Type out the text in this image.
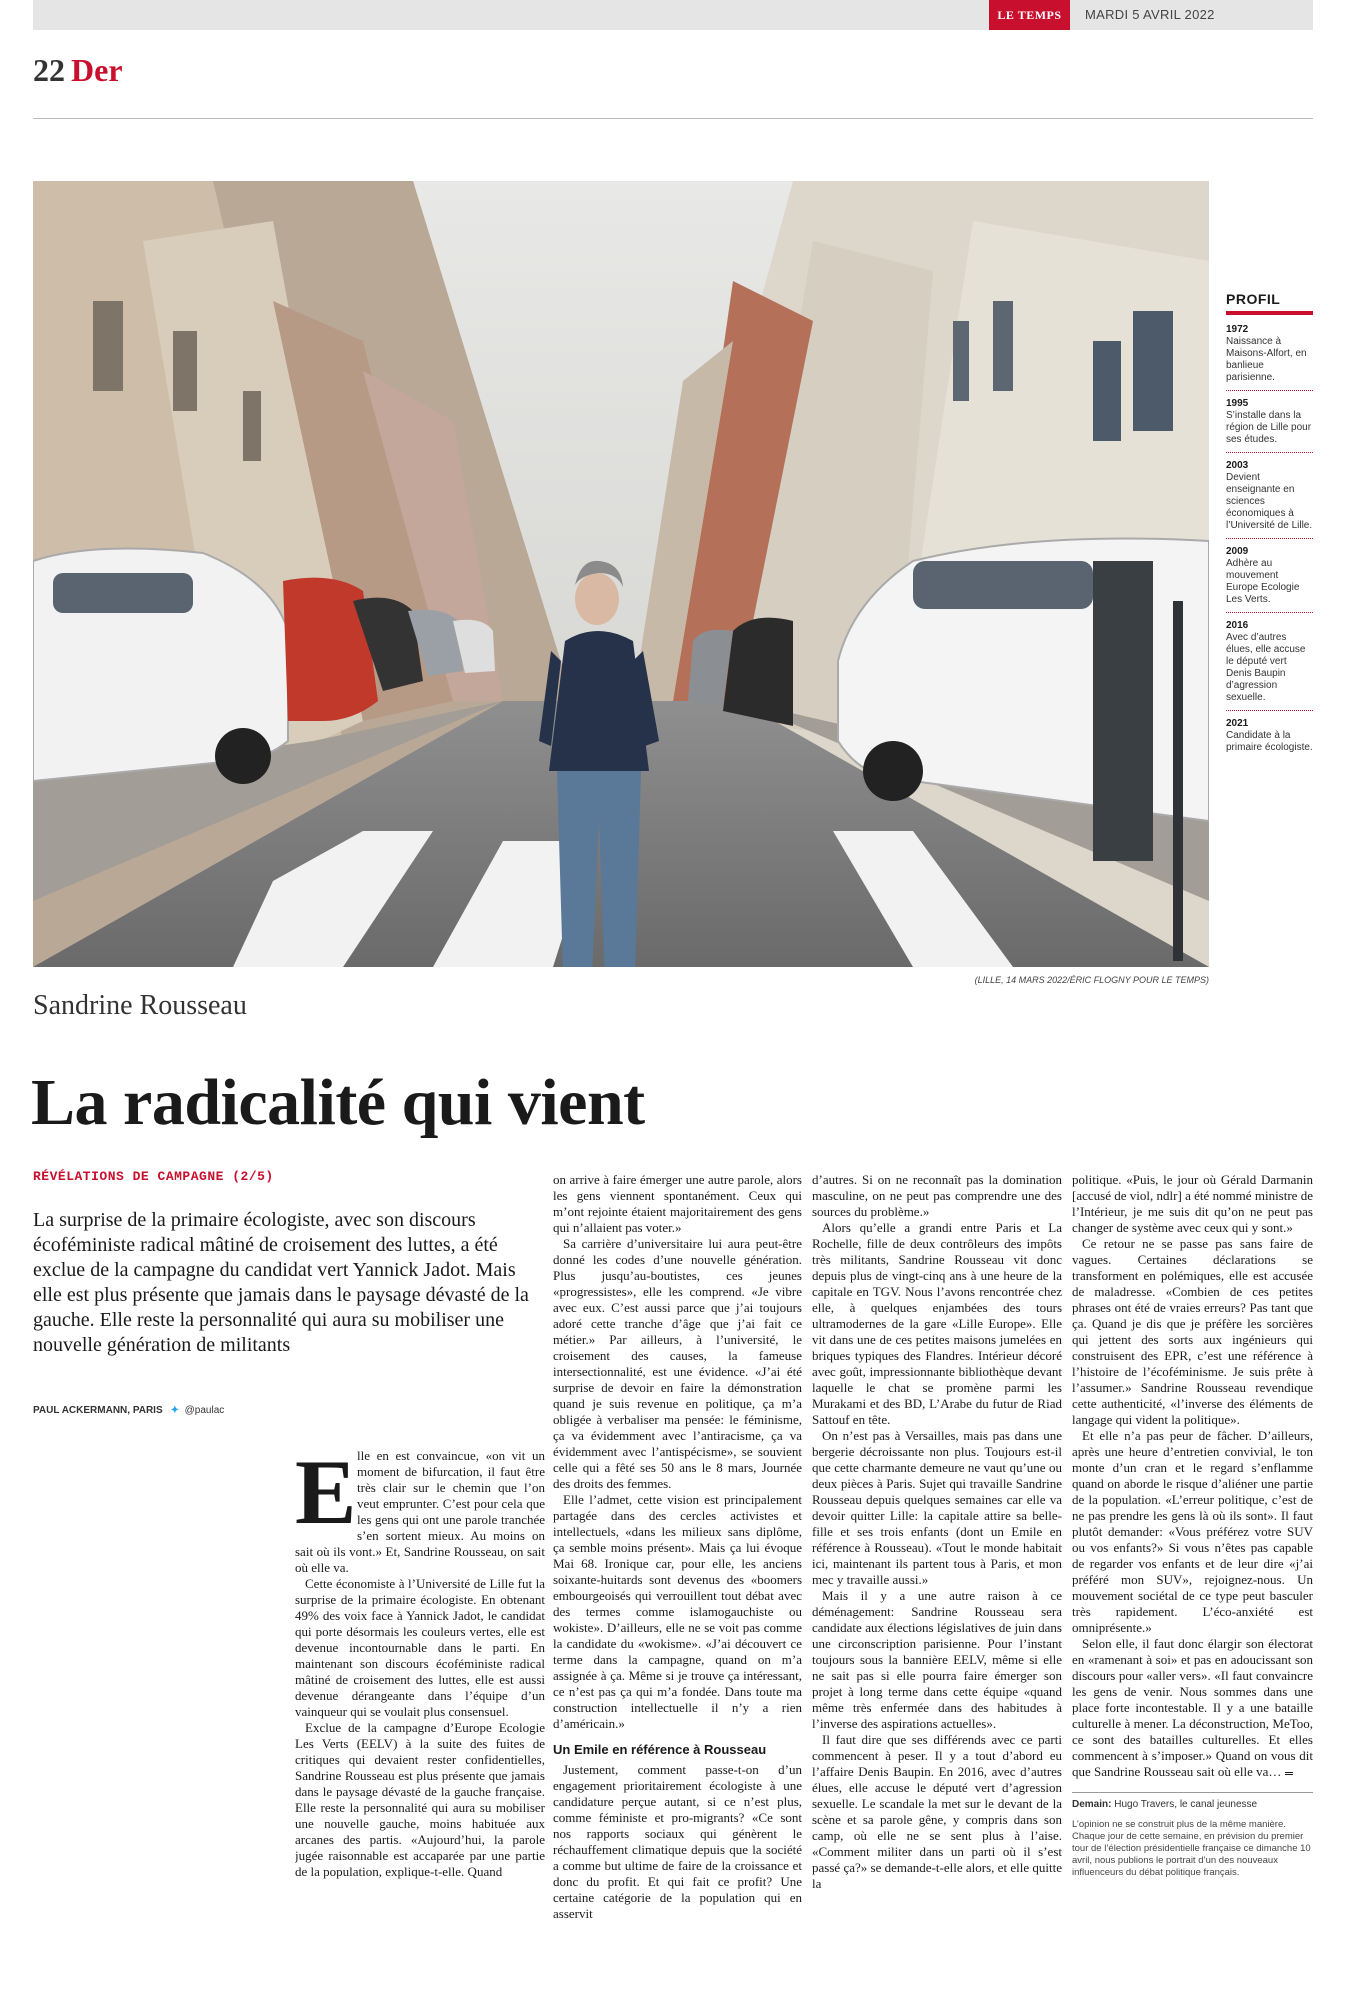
LE TEMPS	MARDI 5 AVRIL 2022
22 Der
(LILLE, 14 MARS 2022/ÉRIC FLOGNY POUR LE TEMPS)
PROFIL
1972
Naissance à Maisons-Alfort, en banlieue parisienne.
1995
S’installe dans la région de Lille pour ses études.
2003
Devient enseignante en sciences économiques à l’Université de Lille.
2009
Adhère au mouvement Europe Ecologie Les Verts.
2016
Avec d’autres élues, elle accuse le député vert Denis Baupin d’agression sexuelle.
2021
Candidate à la primaire écologiste.
Sandrine Rousseau
La radicalité qui vient
RÉVÉLATIONS DE CAMPAGNE (2/5)
La surprise de la primaire écologiste, avec son discours écoféministe radical mâtiné de croisement des luttes, a été exclue de la campagne du candidat vert Yannick Jadot. Mais elle est plus présente que jamais dans le paysage dévasté de la gauche. Elle reste la personnalité qui aura su mobiliser une nouvelle génération de militants
PAUL ACKERMANN, PARIS ✦ @paulac
E lle en est convaincue, «on vit un moment de bifurcation, il faut être très clair sur le chemin que l’on veut emprunter. C’est pour cela que les gens qui ont une parole tranchée s’en sortent mieux. Au moins on sait où ils vont.» Et, Sandrine Rousseau, on sait où elle va.

Cette économiste à l’Université de Lille fut la surprise de la primaire écologiste. En obtenant 49% des voix face à Yannick Jadot, le candidat qui porte désormais les couleurs vertes, elle est devenue incontournable dans le parti. En maintenant son discours écoféministe radical mâtiné de croisement des luttes, elle est aussi devenue dérangeante dans l’équipe d’un vainqueur qui se voulait plus consensuel.

Exclue de la campagne d’Europe Ecologie Les Verts (EELV) à la suite des fuites de critiques qui devaient rester confidentielles, Sandrine Rousseau est plus présente que jamais dans le paysage dévasté de la gauche française. Elle reste la personnalité qui aura su mobiliser une nouvelle gauche, moins habituée aux arcanes des partis. «Aujourd’hui, la parole jugée raisonnable est accaparée par une partie de la population, explique-t-elle. Quand

on arrive à faire émerger une autre parole, alors les gens viennent spontanément. Ceux qui m’ont rejointe étaient majoritairement des gens qui n’allaient pas voter.»

Sa carrière d’universitaire lui aura peut-être donné les codes d’une nouvelle génération. Plus jusqu’au-boutistes, ces jeunes «progressistes», elle les comprend. «Je vibre avec eux. C’est aussi parce que j’ai toujours adoré cette tranche d’âge que j’ai fait ce métier.» Par ailleurs, à l’université, le croisement des causes, la fameuse intersectionnalité, est une évidence. «J’ai été surprise de devoir en faire la démonstration quand je suis revenue en politique, ça m’a obligée à verbaliser ma pensée: le féminisme, ça va évidemment avec l’antiracisme, ça va évidemment avec l’antispécisme», se souvient celle qui a fêté ses 50 ans le 8 mars, Journée des droits des femmes.

Elle l’admet, cette vision est principalement partagée dans des cercles activistes et intellectuels, «dans les milieux sans diplôme, ça semble moins présent». Mais ça lui évoque Mai 68. Ironique car, pour elle, les anciens soixante-huitards sont devenus des «boomers embourgeoisés qui verrouillent tout débat avec des termes comme islamogauchiste ou wokiste». D’ailleurs, elle ne se voit pas comme la candidate du «wokisme». «J’ai découvert ce terme dans la campagne, quand on m’a assignée à ça. Même si je trouve ça intéressant, ce n’est pas ça qui m’a fondée. Dans toute ma construction intellectuelle il n’y a rien d’américain.»

Un Emile en référence à Rousseau

Justement, comment passe-t-on d’un engagement prioritairement écologiste à une candidature perçue autant, si ce n’est plus, comme féministe et pro-migrants? «Ce sont nos rapports sociaux qui génèrent le réchauffement climatique depuis que la société a comme but ultime de faire de la croissance et donc du profit. Et qui fait ce profit? Une certaine catégorie de la population qui en asservit

d’autres. Si on ne reconnaît pas la domination masculine, on ne peut pas comprendre une des sources du problème.»

Alors qu’elle a grandi entre Paris et La Rochelle, fille de deux contrôleurs des impôts très militants, Sandrine Rousseau vit donc depuis plus de vingt-cinq ans à une heure de la capitale en TGV. Nous l’avons rencontrée chez elle, à quelques enjambées des tours ultramodernes de la gare «Lille Europe». Elle vit dans une de ces petites maisons jumelées en briques typiques des Flandres. Intérieur décoré avec goût, impressionnante bibliothèque devant laquelle le chat se promène parmi les Murakami et des BD, L’Arabe du futur de Riad Sattouf en tête.

On n’est pas à Versailles, mais pas dans une bergerie décroissante non plus. Toujours est-il que cette charmante demeure ne vaut qu’une ou deux pièces à Paris. Sujet qui travaille Sandrine Rousseau depuis quelques semaines car elle va devoir quitter Lille: la capitale attire sa belle-fille et ses trois enfants (dont un Emile en référence à Rousseau). «Tout le monde habitait ici, maintenant ils partent tous à Paris, et mon mec y travaille aussi.»

Mais il y a une autre raison à ce déménagement: Sandrine Rousseau sera candidate aux élections législatives de juin dans une circonscription parisienne. Pour l’instant toujours sous la bannière EELV, même si elle ne sait pas si elle pourra faire émerger son projet à long terme dans cette équipe «quand même très enfermée dans des habitudes à l’inverse des aspirations actuelles».

Il faut dire que ses différends avec ce parti commencent à peser. Il y a tout d’abord eu l’affaire Denis Baupin. En 2016, avec d’autres élues, elle accuse le député vert d’agression sexuelle. Le scandale la met sur le devant de la scène et sa parole gêne, y compris dans son camp, où elle ne se sent plus à l’aise. «Comment militer dans un parti où il s’est passé ça?» se demande-t-elle alors, et elle quitte la

politique. «Puis, le jour où Gérald Darmanin [accusé de viol, ndlr] a été nommé ministre de l’Intérieur, je me suis dit qu’on ne peut pas changer de système avec ceux qui y sont.»

Ce retour ne se passe pas sans faire de vagues. Certaines déclarations se transforment en polémiques, elle est accusée de maladresse. «Combien de ces petites phrases ont été de vraies erreurs? Pas tant que ça. Quand je dis que je préfère les sorcières qui jettent des sorts aux ingénieurs qui construisent des EPR, c’est une référence à l’histoire de l’écoféminisme. Je suis prête à l’assumer.» Sandrine Rousseau revendique cette authenticité, «l’inverse des éléments de langage qui vident la politique».

Et elle n’a pas peur de fâcher. D’ailleurs, après une heure d’entretien convivial, le ton monte d’un cran et le regard s’enflamme quand on aborde le risque d’aliéner une partie de la population. «L’erreur politique, c’est de ne pas prendre les gens là où ils sont». Il faut plutôt demander: «Vous préférez votre SUV ou vos enfants?» Si vous n’êtes pas capable de regarder vos enfants et de leur dire «j’ai préféré mon SUV», rejoignez-nous. Un mouvement sociétal de ce type peut basculer très rapidement. L’éco-anxiété est omniprésente.»

Selon elle, il faut donc élargir son électorat en «ramenant à soi» et pas en adoucissant son discours pour «aller vers». «Il faut convaincre les gens de venir. Nous sommes dans une place forte incontestable. Il y a une bataille culturelle à mener. La déconstruction, MeToo, ce sont des batailles culturelles. Et elles commencent à s’imposer.» Quand on vous dit que Sandrine Rousseau sait où elle va…

Demain: Hugo Travers, le canal jeunesse
L’opinion ne se construit plus de la même manière. Chaque jour de cette semaine, en prévision du premier tour de l’élection présidentielle française ce dimanche 10 avril, nous publions le portrait d’un des nouveaux influenceurs du débat politique français.
